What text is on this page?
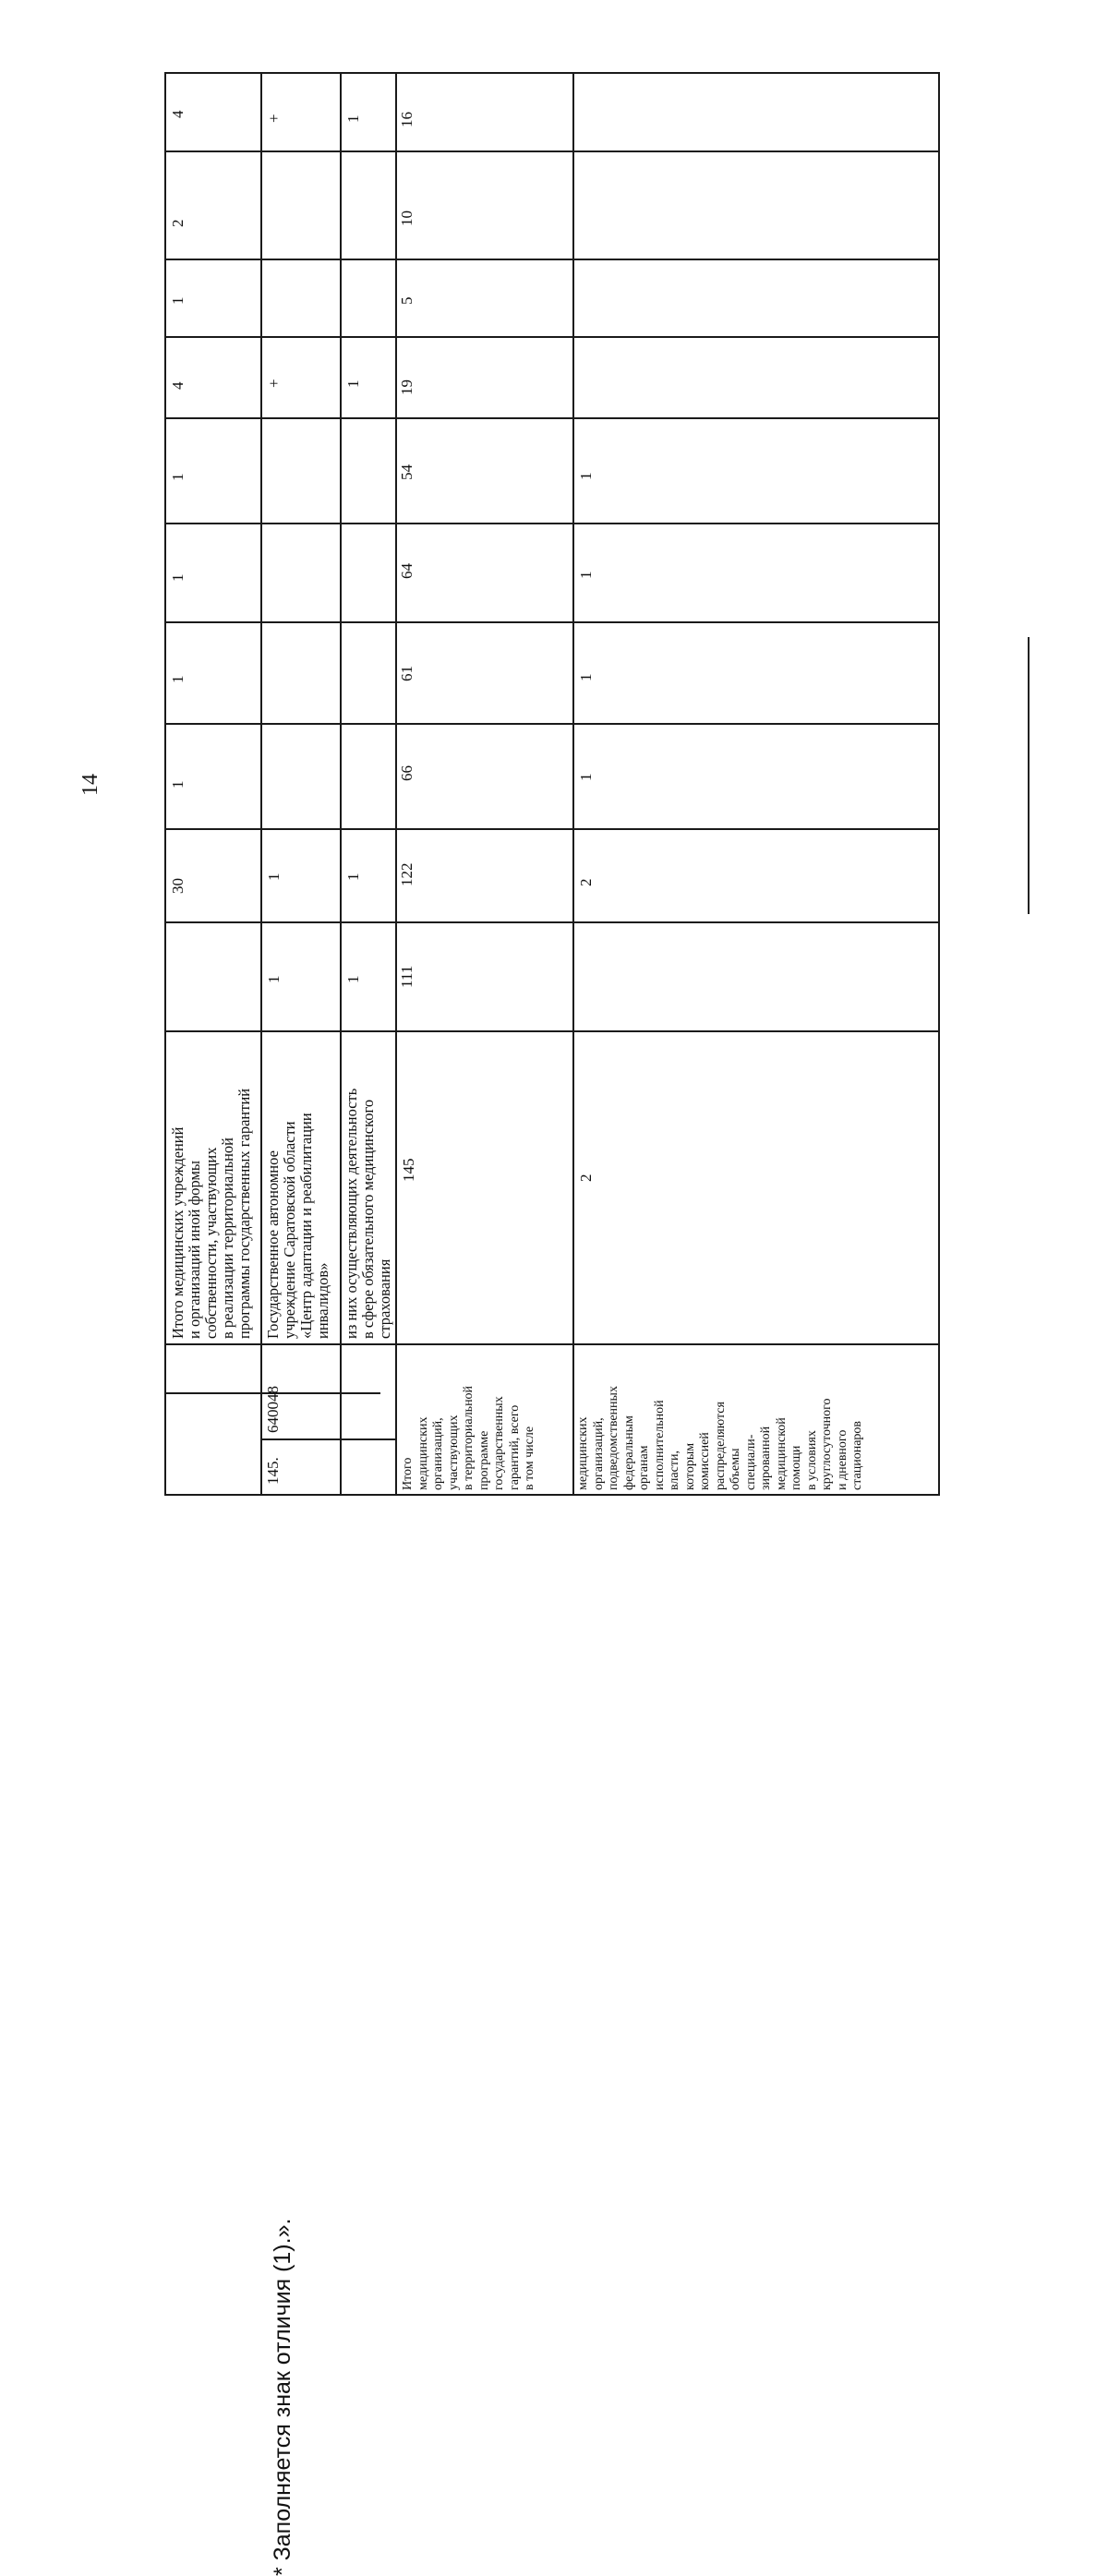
14
* Заполняется знак отличия (1).».
Итого медицинских учреждений
и организаций иной формы
собственности, участвующих
в реализации территориальной
программы государственных гарантий
30
1
1
1
1
4
1
2
4
145.
640048
Государственное автономное
учреждение Саратовской области
«Центр адаптации и реабилитации
инвалидов»
1
1
+
+
из них осуществляющих деятельность
в сфере обязательного медицинского
страхования
1
1
1
1
Итого
медицинских
организаций,
участвующих
в территориальной
программе
государственных
гарантий, всего
в том числе
145
111
122
66
61
64
54
19
5
10
16
медицинских
организаций,
подведомственных
федеральным
органам
исполнительной
власти,
которым
комиссией
распределяются
объемы
специали-
зированной
медицинской
помощи
в условиях
круглосуточного
и дневного
стационаров
2
2
1
1
1
1
